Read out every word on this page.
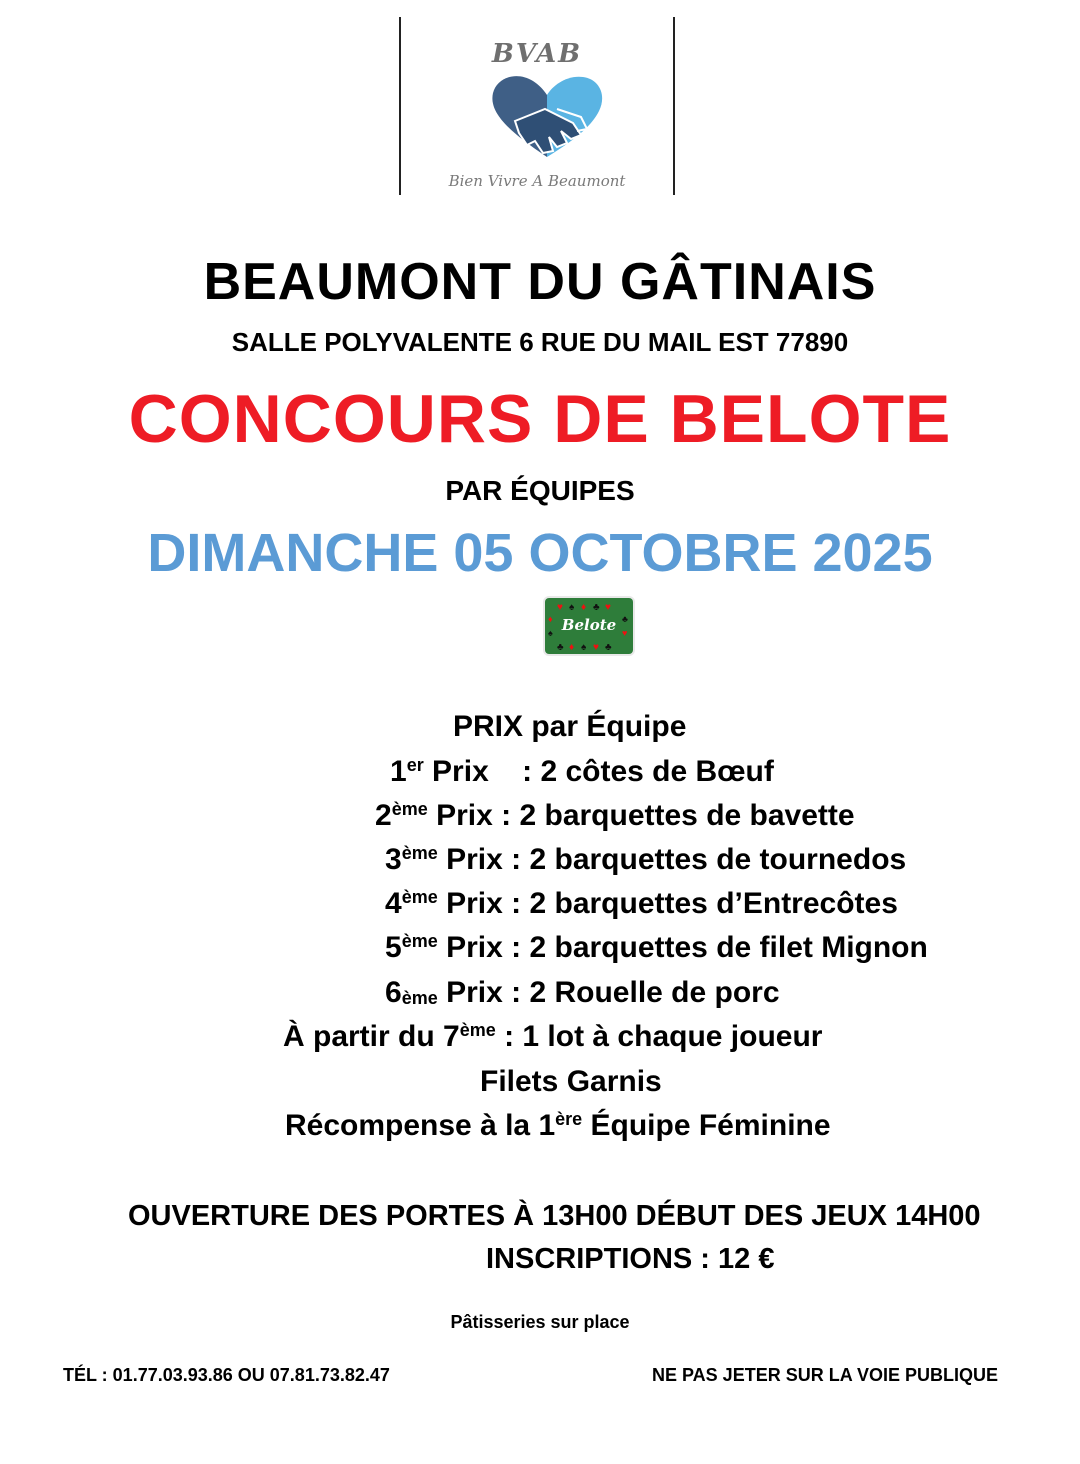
BVAB
Bien Vivre A Beaumont
BEAUMONT DU GÂTINAIS
SALLE POLYVALENTE 6 RUE DU MAIL EST 77890
CONCOURS DE BELOTE
PAR ÉQUIPES
DIMANCHE 05 OCTOBRE 2025
♥ ♠ ♦ ♣ ♥
♣ ♦ ♠ ♥ ♣
♦
♠
♣
♥
Belote
PRIX par Équipe
1er Prix : 2 côtes de Bœuf
2ème Prix : 2 barquettes de bavette
3ème Prix : 2 barquettes de tournedos
4ème Prix : 2 barquettes d’Entrecôtes
5ème Prix : 2 barquettes de filet Mignon
$6_{ème}$ Prix : 2 Rouelle de porc
À partir du 7ème : 1 lot à chaque joueur
Filets Garnis
Récompense à la 1ère Équipe Féminine
OUVERTURE DES PORTES À 13H00 DÉBUT DES JEUX 14H00
INSCRIPTIONS : 12 €
Pâtisseries sur place
TÉL : 01.77.03.93.86 OU 07.81.73.82.47	NE PAS JETER SUR LA VOIE PUBLIQUE
